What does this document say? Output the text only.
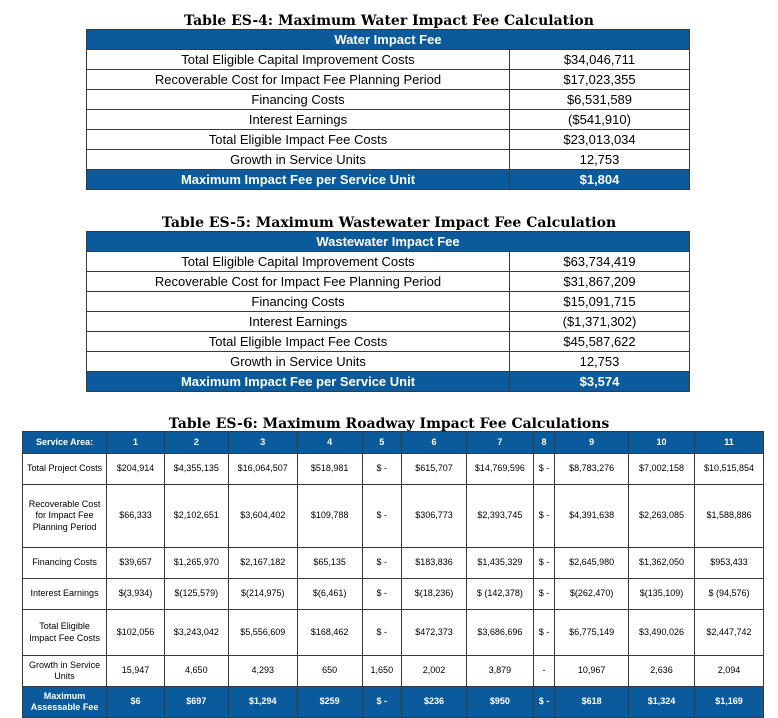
Table ES-4: Maximum Water Impact Fee Calculation
Water Impact Fee	
Total Eligible Capital Improvement Costs	$34,046,711
Recoverable Cost for Impact Fee Planning Period	$17,023,355
Financing Costs	$6,531,589
Interest Earnings	($541,910)
Total Eligible Impact Fee Costs	$23,013,034
Growth in Service Units	12,753
Maximum Impact Fee per Service Unit	$1,804
Table ES-5: Maximum Wastewater Impact Fee Calculation
Wastewater Impact Fee	
Total Eligible Capital Improvement Costs	$63,734,419
Recoverable Cost for Impact Fee Planning Period	$31,867,209
Financing Costs	$15,091,715
Interest Earnings	($1,371,302)
Total Eligible Impact Fee Costs	$45,587,622
Growth in Service Units	12,753
Maximum Impact Fee per Service Unit	$3,574
Table ES-6: Maximum Roadway Impact Fee Calculations
Service Area:	1	2	3	4	5	6	7	8	9	10	11
Total Project Costs	$204,914	$4,355,135	$16,064,507	$518,981	$ -	$615,707	$14,769,596	$ -	$8,783,276	$7,002,158	$10,515,854
Recoverable Cost for Impact Fee Planning Period	$66,333	$2,102,651	$3,604,402	$109,788	$ -	$306,773	$2,393,745	$ -	$4,391,638	$2,263,085	$1,588,886
Financing Costs	$39,657	$1,265,970	$2,167,182	$65,135	$ -	$183,836	$1,435,329	$ -	$2,645,980	$1,362,050	$953,433
Interest Earnings	$(3,934)	$(125,579)	$(214,975)	$(6,461)	$ -	$(18,236)	$ (142,378)	$ -	$(262,470)	$(135,109)	$ (94,576)
Total Eligible Impact Fee Costs	$102,056	$3,243,042	$5,556,609	$168,462	$ -	$472,373	$3,686,696	$ -	$6,775,149	$3,490,026	$2,447,742
Growth in Service Units	15,947	4,650	4,293	650	1,650	2,002	3,879	-	10,967	2,636	2,094
Maximum Assessable Fee	$6	$697	$1,294	$259	$ -	$236	$950	$ -	$618	$1,324	$1,169
